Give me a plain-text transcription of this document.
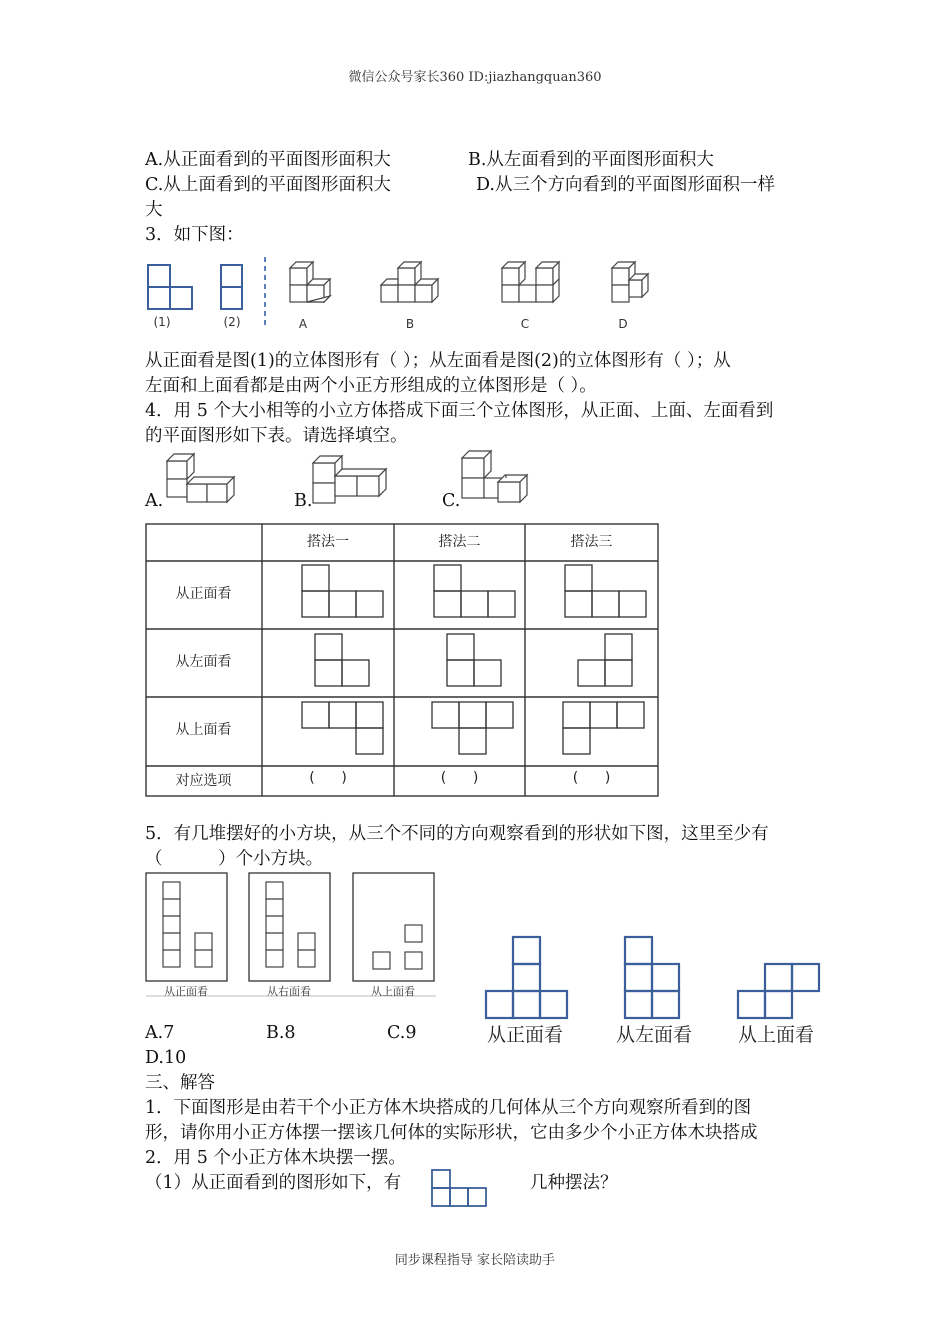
微信公众号家长360 ID:jiazhangquan360
A.从正面看到的平面图形面积大	B.从左面看到的平面图形面积大
C.从上面看到的平面图形面积大	D.从三个方向看到的平面图形面积一样
大
3．如下图：
(1)	(2)	A	B	C	D
从正面看是图(1)的立体图形有（ ）；从左面看是图(2)的立体图形有（ ）；从
左面和上面看都是由两个小正方形组成的立体图形是（ ）。
4．用 5 个大小相等的小立方体搭成下面三个立体图形，从正面、上面、左面看到
的平面图形如下表。请选择填空。
A.	B.	C.
搭法一	搭法二	搭法三
从正面看
从左面看
从上面看
对应选项	(      )	(      )	(      )
5．有几堆摆好的小方块，从三个不同的方向观察看到的形状如下图，这里至少有
（          ）个小方块。
从正面看	从右面看	从上面看
从正面看	从左面看 从上面看
A.7	B.8	C.9
D.10
三、解答
1．下面图形是由若干个小正方体木块搭成的几何体从三个方向观察所看到的图
形，请你用小正方体摆一摆该几何体的实际形状，它由多少个小正方体木块搭成
2．用 5 个小正方体木块摆一摆。
（1）从正面看到的图形如下，有	几种摆法？
同步课程指导 家长陪读助手
